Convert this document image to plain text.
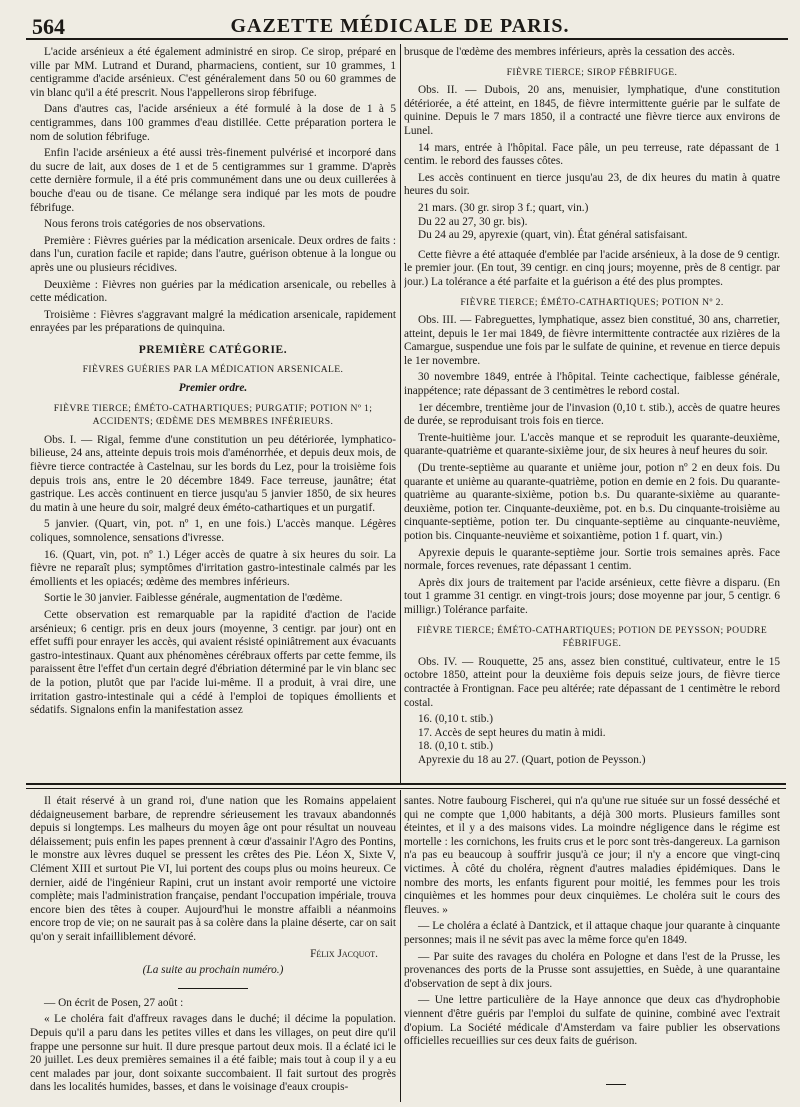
564	GAZETTE MÉDICALE DE PARIS.

L'acide arsénieux a été également administré en sirop. Ce sirop, préparé en ville par MM. Lutrand et Durand, pharmaciens, contient, sur 10 grammes, 1 centigramme d'acide arsénieux. C'est généralement dans 50 ou 60 grammes de vin blanc qu'il a été prescrit. Nous l'appellerons sirop fébrifuge.

Dans d'autres cas, l'acide arsénieux a été formulé à la dose de 1 à 5 centigrammes, dans 100 grammes d'eau distillée. Cette préparation portera le nom de solution fébrifuge.

Enfin l'acide arsénieux a été aussi très-finement pulvérisé et incorporé dans du sucre de lait, aux doses de 1 et de 5 centigrammes sur 1 gramme. D'après cette dernière formule, il a été pris communément dans une ou deux cuillerées à bouche d'eau ou de tisane. Ce mélange sera indiqué par les mots de poudre fébrifuge.

Nous ferons trois catégories de nos observations.

Première : Fièvres guéries par la médication arsenicale. Deux ordres de faits : dans l'un, curation facile et rapide; dans l'autre, guérison obtenue à la longue ou après une ou plusieurs récidives.

Deuxième : Fièvres non guéries par la médication arsenicale, ou rebelles à cette médication.

Troisième : Fièvres s'aggravant malgré la médication arsenicale, rapidement enrayées par les préparations de quinquina.

PREMIÈRE CATÉGORIE.
FIÈVRES GUÉRIES PAR LA MÉDICATION ARSENICALE.
Premier ordre.
FIÈVRE TIERCE; ÉMÉTO-CATHARTIQUES; PURGATIF; POTION Nº 1; ACCIDENTS; ŒDÈME DES MEMBRES INFÉRIEURS.

Obs. I. — Rigal, femme d'une constitution un peu détériorée, lymphatico-bilieuse, 24 ans, atteinte depuis trois mois d'aménorrhée, et depuis deux mois, de fièvre tierce contractée à Castelnau, sur les bords du Lez, pour la troisième fois depuis trois ans, entre le 20 décembre 1849. Face terreuse, jaunâtre; état gastrique. Les accès continuent en tierce jusqu'au 5 janvier 1850, de six heures du matin à une heure du soir, malgré deux éméto-cathartiques et un purgatif.

5 janvier. (Quart, vin, pot. nº 1, en une fois.) L'accès manque. Légères coliques, somnolence, sensations d'ivresse.

16. (Quart, vin, pot. nº 1.) Léger accès de quatre à six heures du soir. La fièvre ne reparaît plus; symptômes d'irritation gastro-intestinale calmés par les émollients et les opiacés; œdème des membres inférieurs.

Sortie le 30 janvier. Faiblesse générale, augmentation de l'œdème.

Cette observation est remarquable par la rapidité d'action de l'acide arsénieux; 6 centigr. pris en deux jours (moyenne, 3 centigr. par jour) ont en effet suffi pour enrayer les accès, qui avaient résisté opiniâtrement aux évacuants gastro-intestinaux. Quant aux phénomènes cérébraux offerts par cette femme, ils paraissent être l'effet d'un certain degré d'ébriation déterminé par le vin blanc sec de la potion, plutôt que par l'acide lui-même. Il a produit, à vrai dire, une irritation gastro-intestinale qui a cédé à l'emploi de topiques émollients et sédatifs. Signalons enfin la manifestation assez

brusque de l'œdème des membres inférieurs, après la cessation des accès.

FIÈVRE TIERCE; SIROP FÉBRIFUGE.

Obs. II. — Dubois, 20 ans, menuisier, lymphatique, d'une constitution détériorée, a été atteint, en 1845, de fièvre intermittente guérie par le sulfate de quinine. Depuis le 7 mars 1850, il a contracté une fièvre tierce aux environs de Lunel.

14 mars, entrée à l'hôpital. Face pâle, un peu terreuse, rate dépassant de 1 centim. le rebord des fausses côtes.

Les accès continuent en tierce jusqu'au 23, de dix heures du matin à quatre heures du soir.

21 mars. (30 gr. sirop 3 f.; quart, vin.)

Du 22 au 27, 30 gr. bis).

Du 24 au 29, apyrexie (quart, vin). État général satisfaisant.

Cette fièvre a été attaquée d'emblée par l'acide arsénieux, à la dose de 9 centigr. le premier jour. (En tout, 39 centigr. en cinq jours; moyenne, près de 8 centigr. par jour.) La tolérance a été parfaite et la guérison a été des plus promptes.

FIÈVRE TIERCE; ÉMÉTO-CATHARTIQUES; POTION Nº 2.

Obs. III. — Fabreguettes, lymphatique, assez bien constitué, 30 ans, charretier, atteint, depuis le 1er mai 1849, de fièvre intermittente contractée aux rizières de la Camargue, suspendue une fois par le sulfate de quinine, et revenue en tierce depuis le 1er novembre.

30 novembre 1849, entrée à l'hôpital. Teinte cachectique, faiblesse générale, inappétence; rate dépassant de 3 centimètres le rebord costal.

1er décembre, trentième jour de l'invasion (0,10 t. stib.), accès de quatre heures de durée, se reproduisant trois fois en tierce.

Trente-huitième jour. L'accès manque et se reproduit les quarante-deuxième, quarante-quatrième et quarante-sixième jour, de six heures à neuf heures du soir.

(Du trente-septième au quarante et unième jour, potion nº 2 en deux fois. Du quarante et unième au quarante-quatrième, potion en demie en 2 fois. Du quarante-quatrième au quarante-sixième, potion b.s. Du quarante-sixième au quarante-deuxième, potion ter. Cinquante-deuxième, pot. en b.s. Du cinquante-troisième au cinquante-septième, potion ter. Du cinquante-septième au cinquante-neuvième, potion bis. Cinquante-neuvième et soixantième, potion 1 f. quart, vin.)

Apyrexie depuis le quarante-septième jour. Sortie trois semaines après. Face normale, forces revenues, rate dépassant 1 centim.

Après dix jours de traitement par l'acide arsénieux, cette fièvre a disparu. (En tout 1 gramme 31 centigr. en vingt-trois jours; dose moyenne par jour, 5 centigr. 6 milligr.) Tolérance parfaite.

FIÈVRE TIERCE; ÉMÉTO-CATHARTIQUES; POTION DE PEYSSON; POUDRE FÉBRIFUGE.

Obs. IV. — Rouquette, 25 ans, assez bien constitué, cultivateur, entre le 15 octobre 1850, atteint pour la deuxième fois depuis seize jours, de fièvre tierce contractée à Frontignan. Face peu altérée; rate dépassant de 1 centimètre le rebord costal.

16. (0,10 t. stib.)

17. Accès de sept heures du matin à midi.

18. (0,10 t. stib.)

Apyrexie du 18 au 27. (Quart, potion de Peysson.)

Il était réservé à un grand roi, d'une nation que les Romains appelaient dédaigneusement barbare, de reprendre sérieusement les travaux abandonnés depuis si longtemps. Les malheurs du moyen âge ont pour résultat un nouveau délaissement; puis enfin les papes prennent à cœur d'assainir l'Agro des Pontins, le monstre aux lèvres duquel se pressent les crêtes des Pie. Léon X, Sixte V, Clément XIII et surtout Pie VI, lui portent des coups plus ou moins heureux. Ce dernier, aidé de l'ingénieur Rapini, crut un instant avoir remporté une victoire complète; mais l'administration française, pendant l'occupation impériale, trouva encore bien des têtes à couper. Aujourd'hui le monstre affaibli a néanmoins encore trop de vie; on ne saurait pas à sa colère dans la plaine déserte, car on sait qu'on y serait infailliblement dévoré.

Félix Jacquot.

(La suite au prochain numéro.)

— On écrit de Posen, 27 août :

« Le choléra fait d'affreux ravages dans le duché; il décime la population. Depuis qu'il a paru dans les petites villes et dans les villages, on peut dire qu'il frappe une personne sur huit. Il dure presque partout deux mois. Il a éclaté ici le 20 juillet. Les deux premières semaines il a été faible; mais tout à coup il y a eu cent malades par jour, dont soixante succombaient. Il fait surtout des progrès dans les localités humides, basses, et dans le voisinage d'eaux croupis-

santes. Notre faubourg Fischerei, qui n'a qu'une rue située sur un fossé desséché et qui ne compte que 1,000 habitants, a déjà 300 morts. Plusieurs familles sont éteintes, et il y a des maisons vides. La moindre négligence dans le régime est mortelle : les cornichons, les fruits crus et le porc sont très-dangereux. La garnison n'a pas eu beaucoup à souffrir jusqu'à ce jour; il n'y a encore que vingt-cinq victimes. À côté du choléra, règnent d'autres maladies épidémiques. Dans le nombre des morts, les enfants figurent pour moitié, les femmes pour les trois cinquièmes et les hommes pour deux cinquièmes. Le choléra suit le cours des fleuves. »

— Le choléra a éclaté à Dantzick, et il attaque chaque jour quarante à cinquante personnes; mais il ne sévit pas avec la même force qu'en 1849.

— Par suite des ravages du choléra en Pologne et dans l'est de la Prusse, les provenances des ports de la Prusse sont assujetties, en Suède, à une quarantaine d'observation de sept à dix jours.

— Une lettre particulière de la Haye annonce que deux cas d'hydrophobie viennent d'être guéris par l'emploi du sulfate de quinine, combiné avec l'extrait d'opium. La Société médicale d'Amsterdam va faire publier les observations officielles recueillies sur ces deux faits de guérison.
